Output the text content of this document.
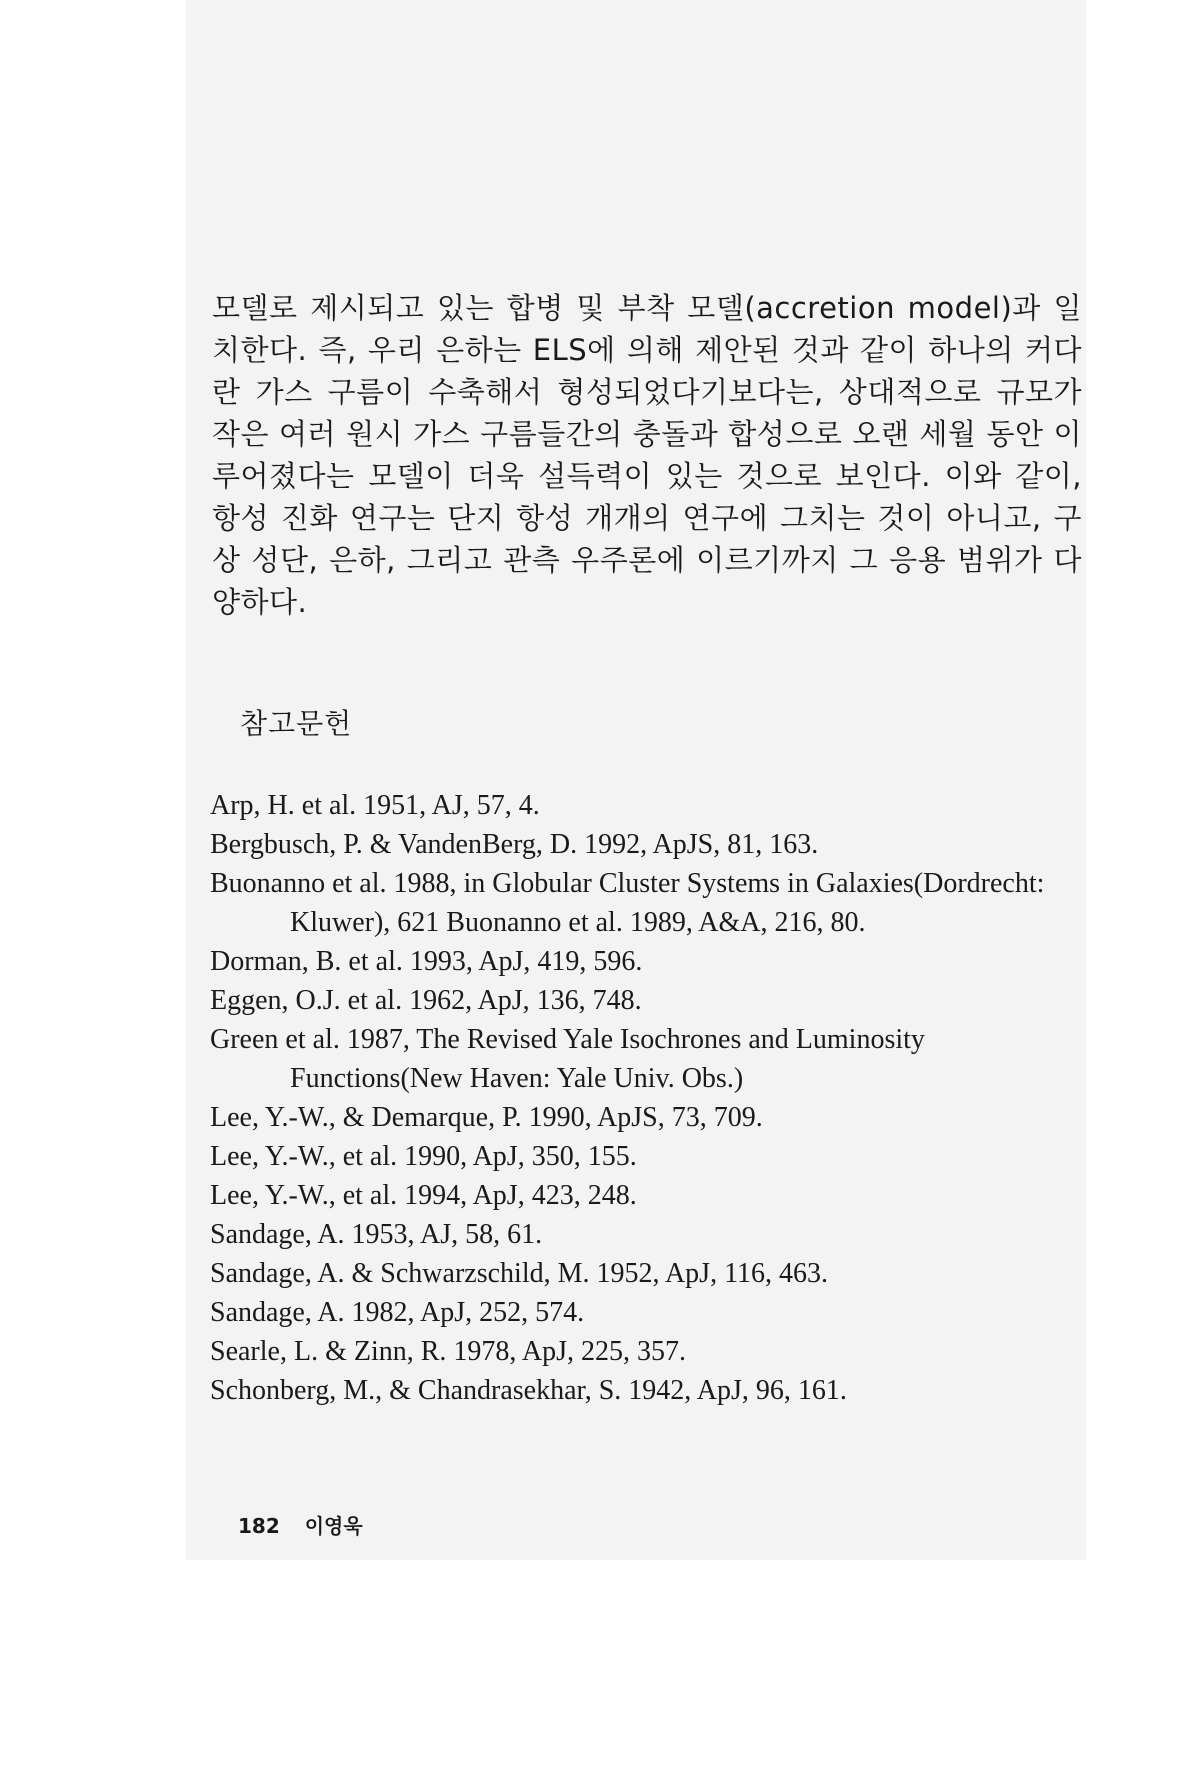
모델로 제시되고 있는 합병 및 부착 모델(accretion model)과 일치한다. 즉, 우리 은하는 ELS에 의해 제안된 것과 같이 하나의 커다란 가스 구름이 수축해서 형성되었다기보다는, 상대적으로 규모가 작은 여러 원시 가스 구름들간의 충돌과 합성으로 오랜 세월 동안 이루어졌다는 모델이 더욱 설득력이 있는 것으로 보인다. 이와 같이, 항성 진화 연구는 단지 항성 개개의 연구에 그치는 것이 아니고, 구상 성단, 은하, 그리고 관측 우주론에 이르기까지 그 응용 범위가 다양하다.

참고문헌
Arp, H. et al. 1951, AJ, 57, 4.
Bergbusch, P. & VandenBerg, D. 1992, ApJS, 81, 163.
Buonanno et al. 1988, in Globular Cluster Systems in Galaxies(Dordrecht: Kluwer), 621 Buonanno et al. 1989, A&A, 216, 80.
Dorman, B. et al. 1993, ApJ, 419, 596.
Eggen, O.J. et al. 1962, ApJ, 136, 748.
Green et al. 1987, The Revised Yale Isochrones and Luminosity Functions(New Haven: Yale Univ. Obs.)
Lee, Y.-W., & Demarque, P. 1990, ApJS, 73, 709.
Lee, Y.-W., et al. 1990, ApJ, 350, 155.
Lee, Y.-W., et al. 1994, ApJ, 423, 248.
Sandage, A. 1953, AJ, 58, 61.
Sandage, A. & Schwarzschild, M. 1952, ApJ, 116, 463.
Sandage, A. 1982, ApJ, 252, 574.
Searle, L. & Zinn, R. 1978, ApJ, 225, 357.
Schonberg, M., & Chandrasekhar, S. 1942, ApJ, 96, 161.
182 이영욱
